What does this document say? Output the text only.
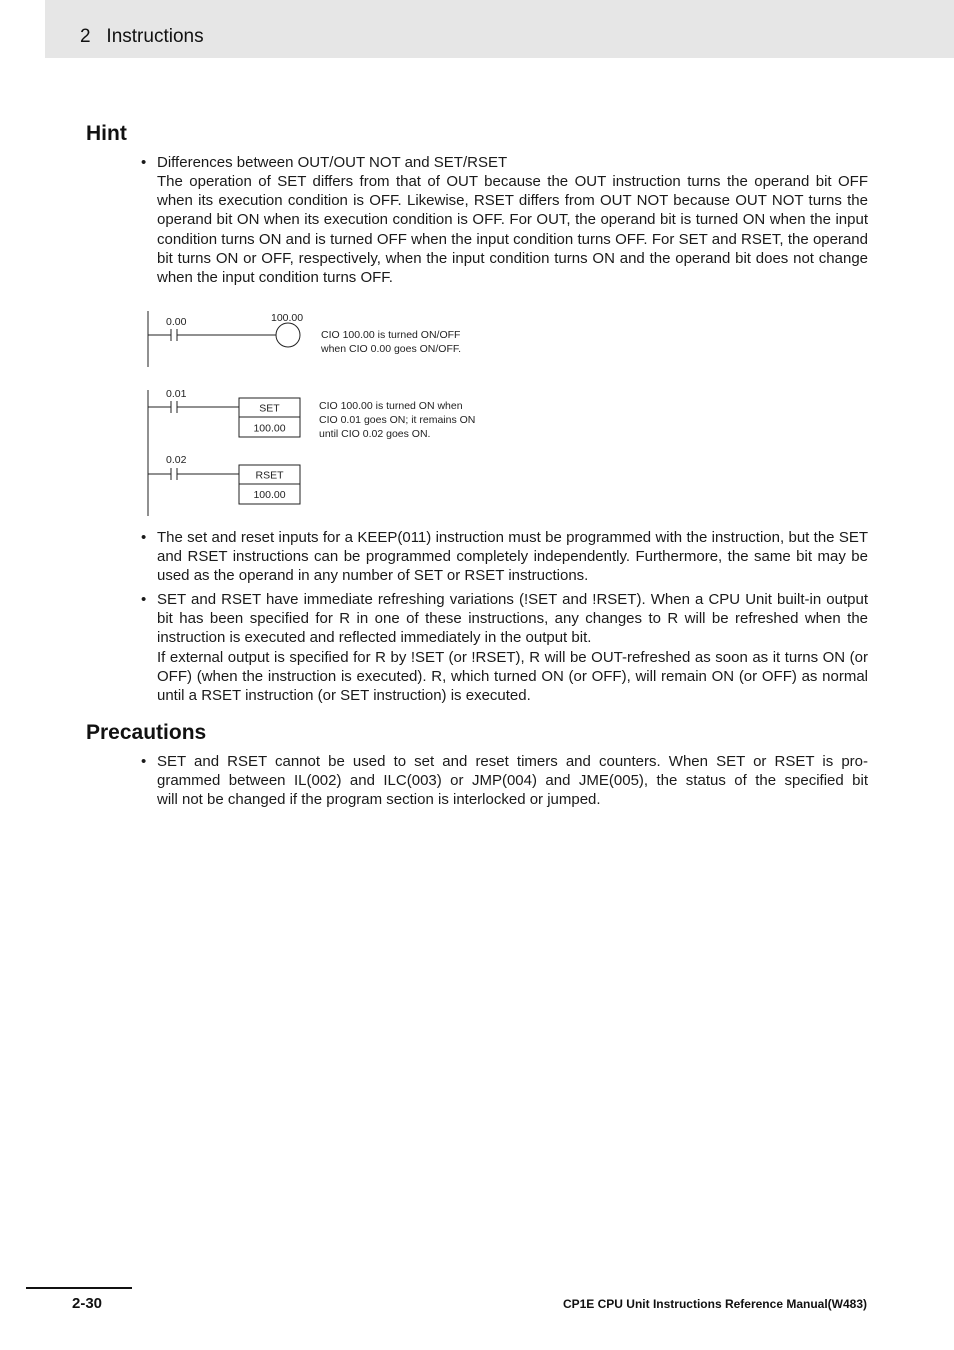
2 Instructions
Hint
• Differences between OUT/OUT NOT and SET/RSET

The operation of SET differs from that of OUT because the OUT instruction turns the operand bit OFF when its execution condition is OFF. Likewise, RSET differs from OUT NOT because OUT NOT turns the operand bit ON when its execution condition is OFF. For OUT, the operand bit is turned ON when the input condition turns ON and is turned OFF when the input condition turns OFF. For SET and RSET, the operand bit turns ON or OFF, respectively, when the input condition turns ON and the operand bit does not change when the input condition turns OFF.

0.00	100.00
CIO 100.00 is turned ON/OFF
when CIO 0.00 goes ON/OFF.
0.01
SET
100.00
CIO 100.00 is turned ON when
CIO 0.01 goes ON; it remains ON
until CIO 0.02 goes ON.
0.02
RSET
100.00
• The set and reset inputs for a KEEP(011) instruction must be programmed with the instruction, but the SET and RSET instructions can be programmed completely independently. Furthermore, the same bit may be used as the operand in any number of SET or RSET instructions.

• SET and RSET have immediate refreshing variations (!SET and !RSET). When a CPU Unit built-in output bit has been specified for R in one of these instructions, any changes to R will be refreshed when the instruction is executed and reflected immediately in the output bit.

If external output is specified for R by !SET (or !RSET), R will be OUT-refreshed as soon as it turns ON (or OFF) (when the instruction is executed). R, which turned ON (or OFF), will remain ON (or OFF) as normal until a RSET instruction (or SET instruction) is executed.

Precautions
• SET and RSET cannot be used to set and reset timers and counters. When SET or RSET is pro-
grammed between IL(002) and ILC(003) or JMP(004) and JME(005), the status of the specified bit
will not be changed if the program section is interlocked or jumped.
2-30	CP1E CPU Unit Instructions Reference Manual(W483)
